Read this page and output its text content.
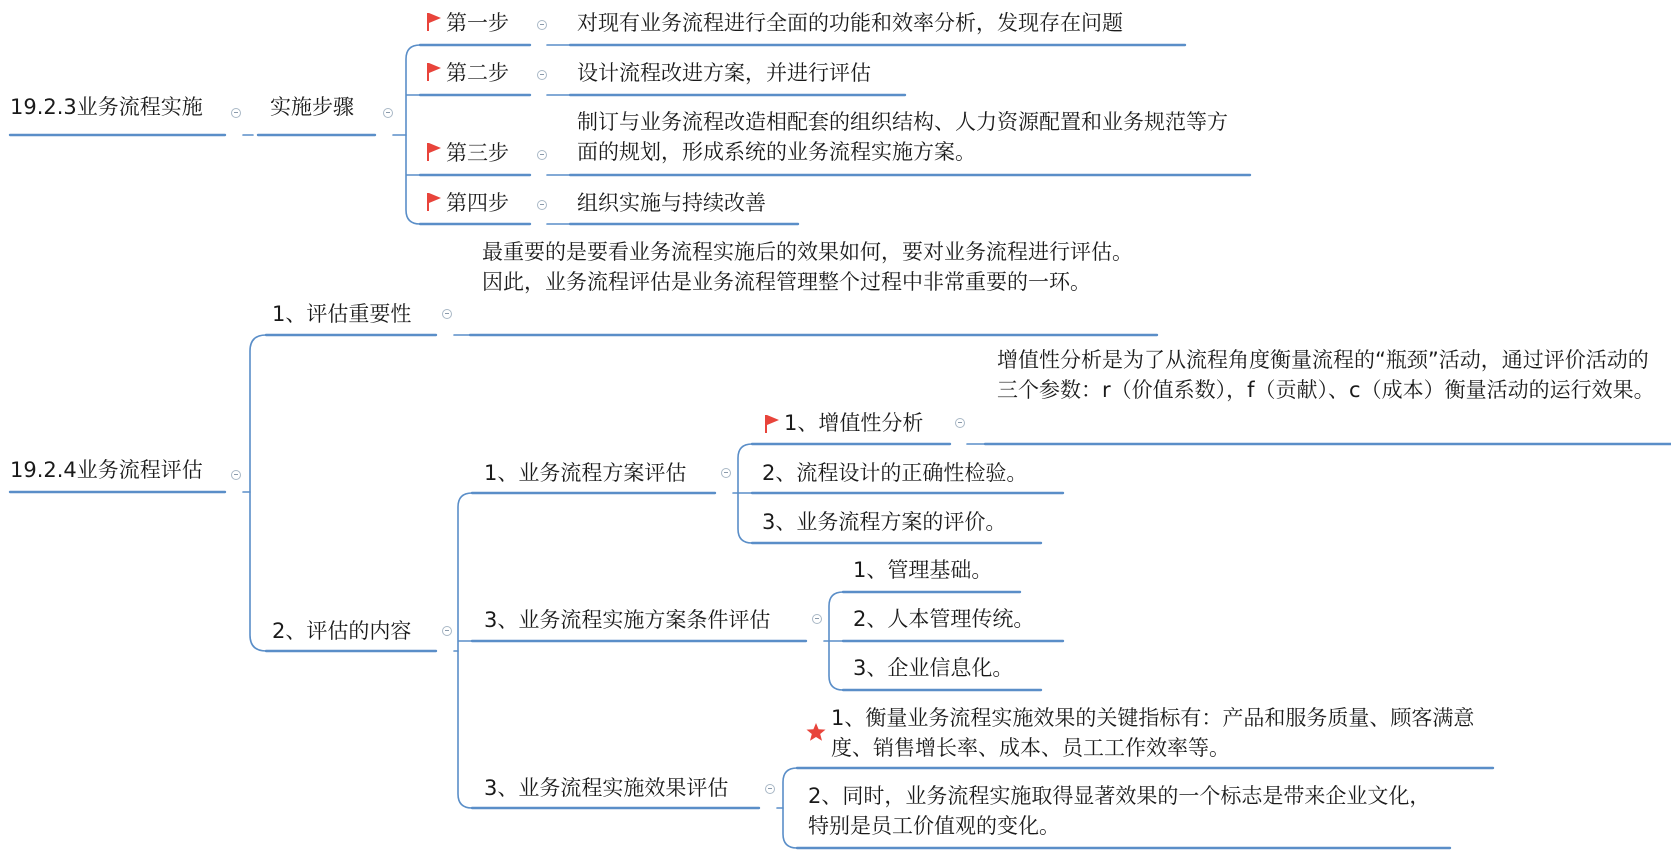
19.2.3业务流程实施	实施步骤
第一步	对现有业务流程进行全面的功能和效率分析，发现存在问题
第二步	设计流程改进方案，并进行评估
第三步
制订与业务流程改造相配套的组织结构、人力资源配置和业务规范等方面的规划，形成系统的业务流程实施方案。
第四步	组织实施与持续改善
19.2.4业务流程评估
1、评估重要性
最重要的是要看业务流程实施后的效果如何，要对业务流程进行评估。因此，业务流程评估是业务流程管理整个过程中非常重要的一环。
2、评估的内容
1、业务流程方案评估
1、增值性分析
增值性分析是为了从流程角度衡量流程的“瓶颈”活动，通过评价活动的三个参数：r（价值系数），f（贡献）、c（成本）衡量活动的运行效果。
2、流程设计的正确性检验。
3、业务流程方案的评价。
3、业务流程实施方案条件评估
1、管理基础。
2、人本管理传统。
3、企业信息化。
3、业务流程实施效果评估
1、衡量业务流程实施效果的关键指标有：产品和服务质量、顾客满意度、销售增长率、成本、员工工作效率等。
2、同时，业务流程实施取得显著效果的一个标志是带来企业文化，特别是员工价值观的变化。
